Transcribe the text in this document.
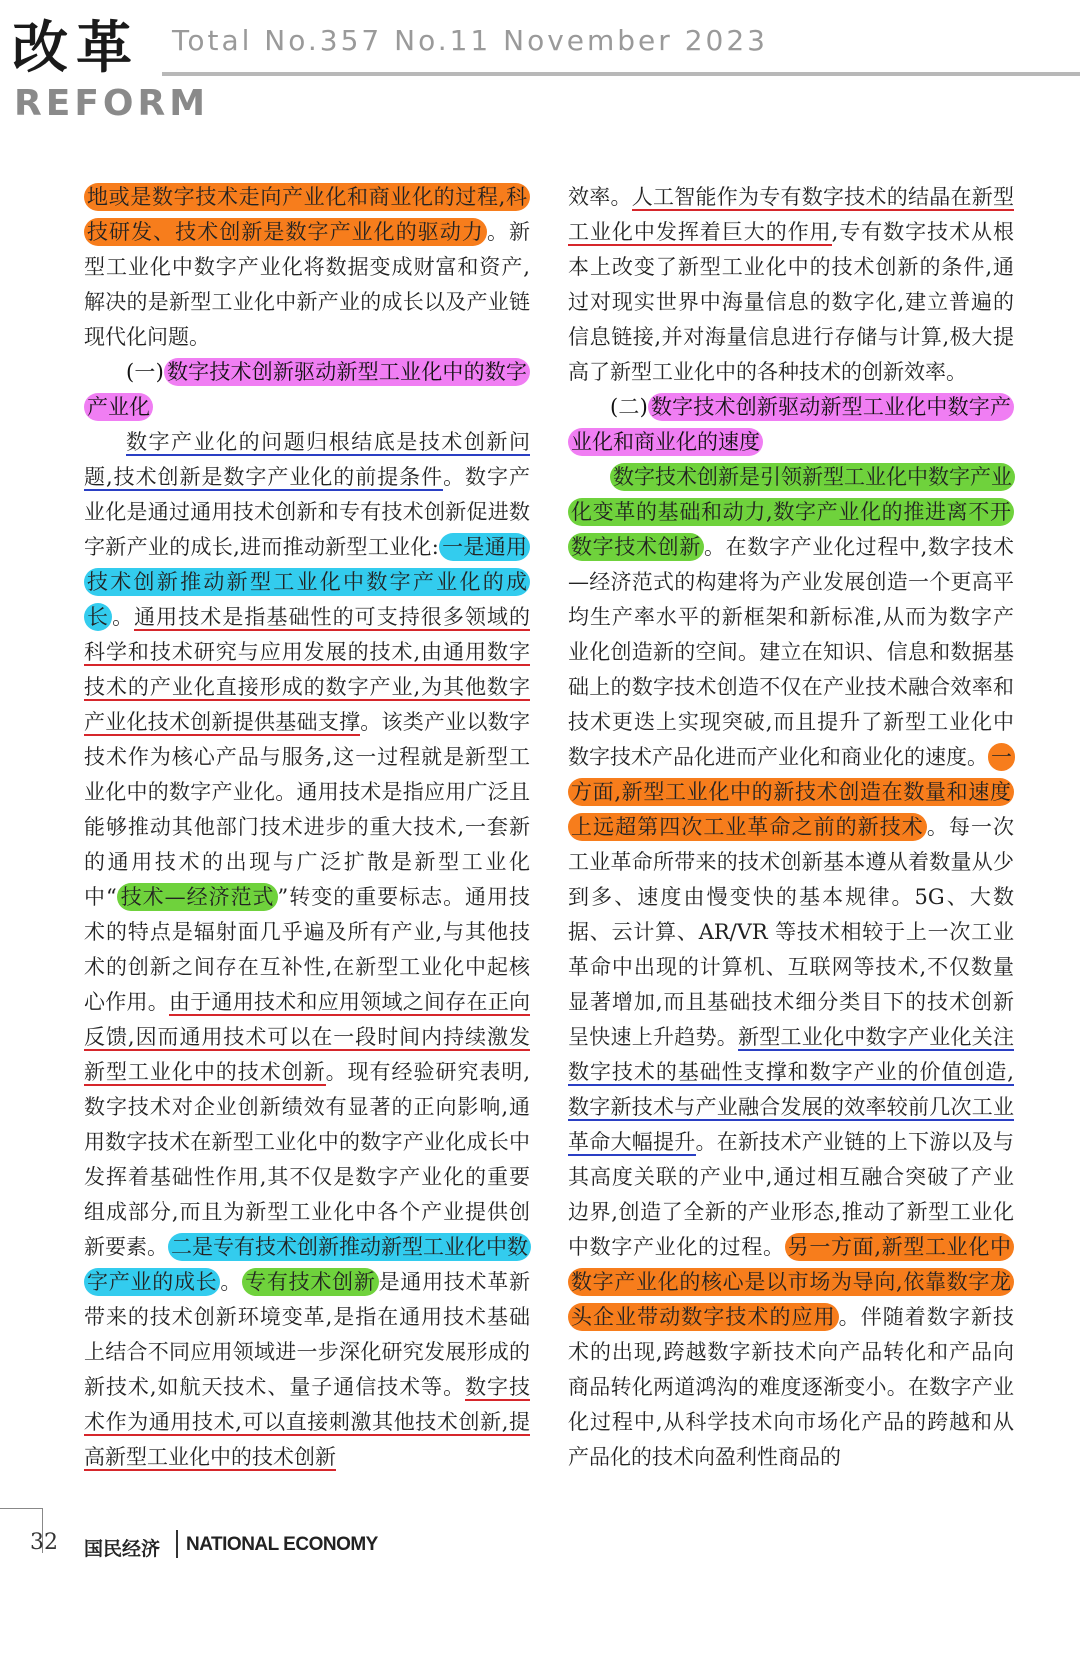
改革
REFORM
Total No.357 No.11 November 2023

地或是数字技术走向产业化和商业化的过程,科技研发、技术创新是数字产业化的驱动力 。新型工业化中数字产业化将数据变成财富和资产,解决的是新型工业化中新产业的成长以及产业链现代化问题。

(一) 数字技术创新驱动新型工业化中的数字产业化

数字产业化的问题归根结底是技术创新问题,技术创新是数字产业化的前提条件。数字产业化是通过通用技术创新和专有技术创新促进数字新产业的成长,进而推动新型工业化: 一是通用技术创新推动新型工业化中数字产业化的成长 。通用技术是指基础性的可支持很多领域的科学和技术研究与应用发展的技术,由通用数字技术的产业化直接形成的数字产业,为其他数字产业化技术创新提供基础支撑。该类产业以数字技术作为核心产品与服务,这一过程就是新型工业化中的数字产业化。通用技术是指应用广泛且能够推动其他部门技术进步的重大技术,一套新的通用技术的出现与广泛扩散是新型工业化中“ 技术—经济范式 ”转变的重要标志。通用技术的特点是辐射面几乎遍及所有产业,与其他技术的创新之间存在互补性,在新型工业化中起核心作用。由于通用技术和应用领域之间存在正向反馈,因而通用技术可以在一段时间内持续激发新型工业化中的技术创新。现有经验研究表明,数字技术对企业创新绩效有显著的正向影响,通用数字技术在新型工业化中的数字产业化成长中发挥着基础性作用,其不仅是数字产业化的重要组成部分,而且为新型工业化中各个产业提供创新要素。 二是专有技术创新推动新型工业化中数字产业的成长 。 专有技术创新 是通用技术革新带来的技术创新环境变革,是指在通用技术基础上结合不同应用领域进一步深化研究发展形成的新技术,如航天技术、量子通信技术等。数字技术作为通用技术,可以直接刺激其他技术创新,提高新型工业化中的技术创新

效率。人工智能作为专有数字技术的结晶在新型工业化中发挥着巨大的作用,专有数字技术从根本上改变了新型工业化中的技术创新的条件,通过对现实世界中海量信息的数字化,建立普遍的信息链接,并对海量信息进行存储与计算,极大提高了新型工业化中的各种技术的创新效率。

(二) 数字技术创新驱动新型工业化中数字产业化和商业化的速度

数字技术创新是引领新型工业化中数字产业化变革的基础和动力,数字产业化的推进离不开数字技术创新 。在数字产业化过程中,数字技术—经济范式的构建将为产业发展创造一个更高平均生产率水平的新框架和新标准,从而为数字产业化创造新的空间。建立在知识、信息和数据基础上的数字技术创造不仅在产业技术融合效率和技术更迭上实现突破,而且提升了新型工业化中数字技术产品化进而产业化和商业化的速度。 一方面,新型工业化中的新技术创造在数量和速度上远超第四次工业革命之前的新技术 。每一次工业革命所带来的技术创新基本遵从着数量从少到多、速度由慢变快的基本规律。5G、大数据、云计算、AR/VR 等技术相较于上一次工业革命中出现的计算机、互联网等技术,不仅数量显著增加,而且基础技术细分类目下的技术创新呈快速上升趋势。新型工业化中数字产业化关注数字技术的基础性支撑和数字产业的价值创造,数字新技术与产业融合发展的效率较前几次工业革命大幅提升。在新技术产业链的上下游以及与其高度关联的产业中,通过相互融合突破了产业边界,创造了全新的产业形态,推动了新型工业化中数字产业化的过程。 另一方面,新型工业化中数字产业化的核心是以市场为导向,依靠数字龙头企业带动数字技术的应用 。伴随着数字新技术的出现,跨越数字新技术向产品转化和产品向商品转化两道鸿沟的难度逐渐变小。在数字产业化过程中,从科学技术向市场化产品的跨越和从产品化的技术向盈利性商品的

32 国民经济 NATIONAL ECONOMY
